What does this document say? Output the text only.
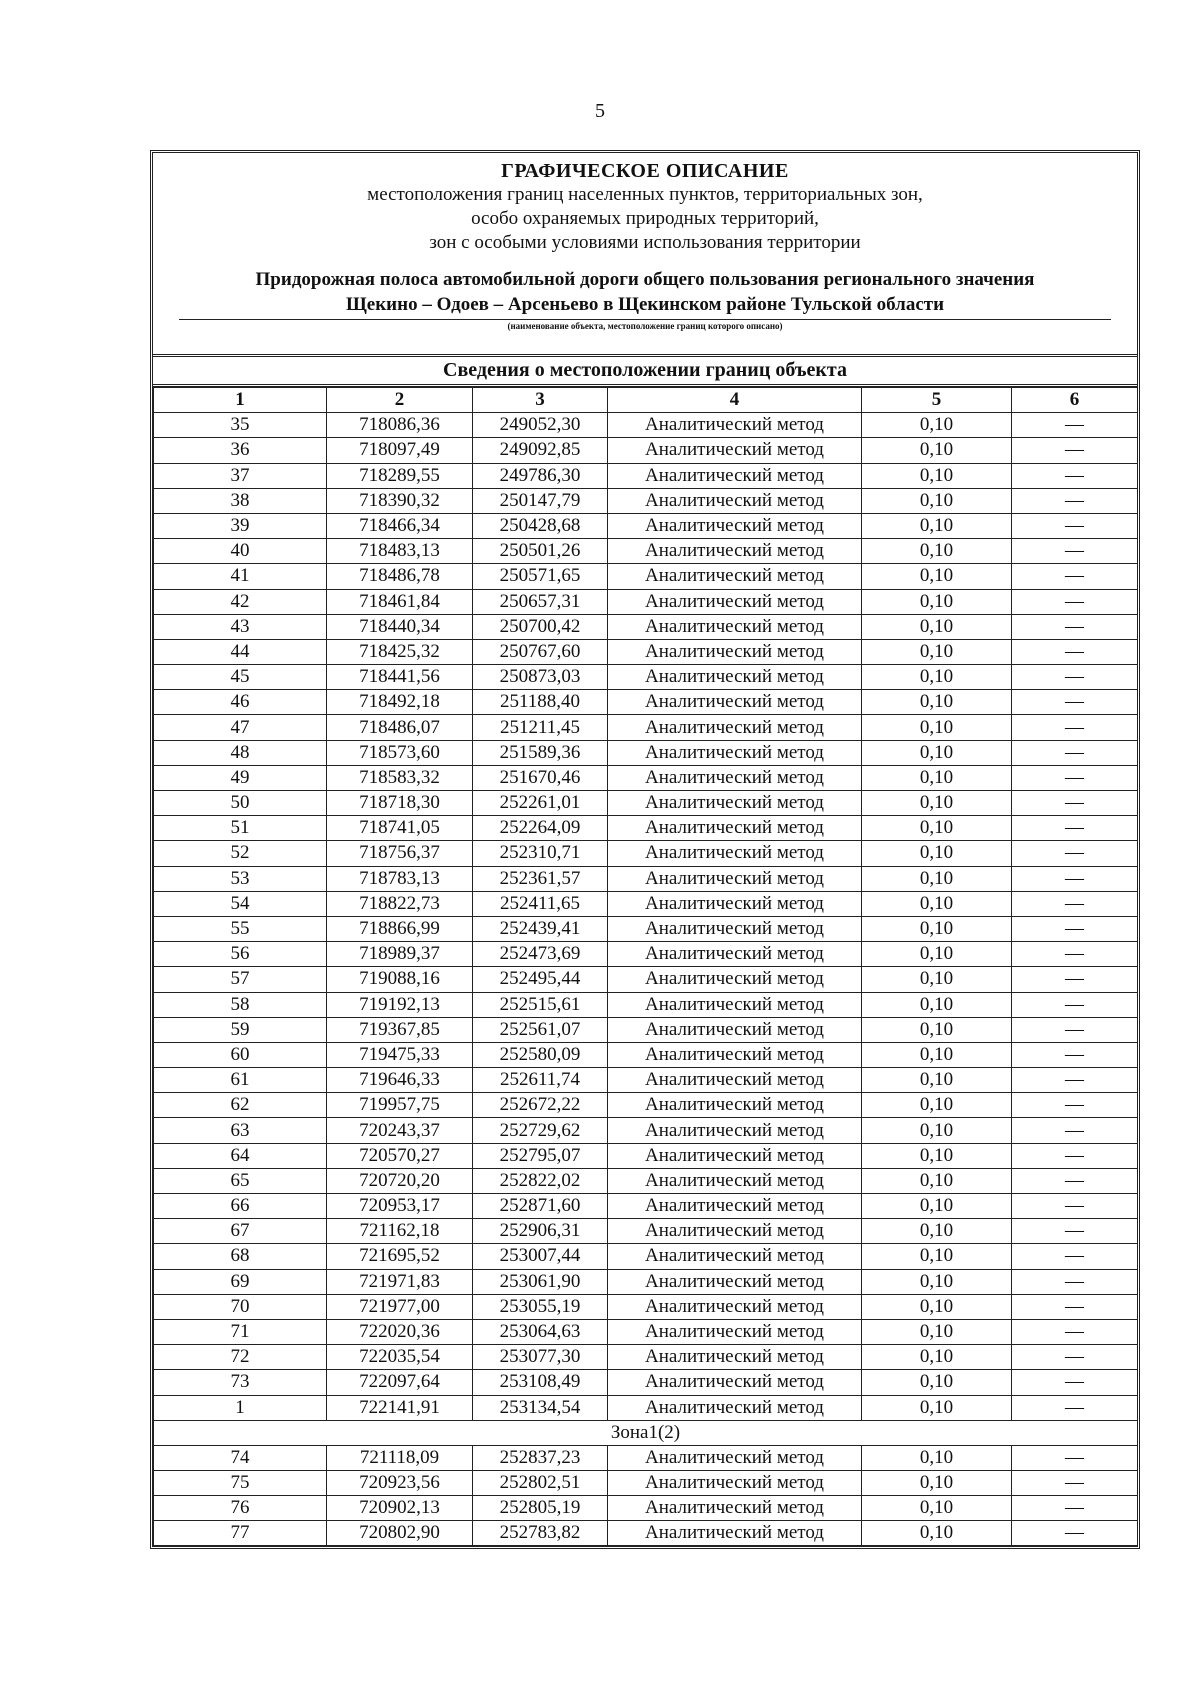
5
ГРАФИЧЕСКОЕ ОПИСАНИЕ
местоположения границ населенных пунктов, территориальных зон,
особо охраняемых природных территорий,
зон с особыми условиями использования территории
Придорожная полоса автомобильной дороги общего пользования регионального значения
Щекино – Одоев – Арсеньево в Щекинском районе Тульской области
(наименование объекта, местоположение границ которого описано)
Сведения о местоположении границ объекта
1	2	3	4	5	6
35	718086,36	249052,30	Аналитический метод	0,10	—
36	718097,49	249092,85	Аналитический метод	0,10	—
37	718289,55	249786,30	Аналитический метод	0,10	—
38	718390,32	250147,79	Аналитический метод	0,10	—
39	718466,34	250428,68	Аналитический метод	0,10	—
40	718483,13	250501,26	Аналитический метод	0,10	—
41	718486,78	250571,65	Аналитический метод	0,10	—
42	718461,84	250657,31	Аналитический метод	0,10	—
43	718440,34	250700,42	Аналитический метод	0,10	—
44	718425,32	250767,60	Аналитический метод	0,10	—
45	718441,56	250873,03	Аналитический метод	0,10	—
46	718492,18	251188,40	Аналитический метод	0,10	—
47	718486,07	251211,45	Аналитический метод	0,10	—
48	718573,60	251589,36	Аналитический метод	0,10	—
49	718583,32	251670,46	Аналитический метод	0,10	—
50	718718,30	252261,01	Аналитический метод	0,10	—
51	718741,05	252264,09	Аналитический метод	0,10	—
52	718756,37	252310,71	Аналитический метод	0,10	—
53	718783,13	252361,57	Аналитический метод	0,10	—
54	718822,73	252411,65	Аналитический метод	0,10	—
55	718866,99	252439,41	Аналитический метод	0,10	—
56	718989,37	252473,69	Аналитический метод	0,10	—
57	719088,16	252495,44	Аналитический метод	0,10	—
58	719192,13	252515,61	Аналитический метод	0,10	—
59	719367,85	252561,07	Аналитический метод	0,10	—
60	719475,33	252580,09	Аналитический метод	0,10	—
61	719646,33	252611,74	Аналитический метод	0,10	—
62	719957,75	252672,22	Аналитический метод	0,10	—
63	720243,37	252729,62	Аналитический метод	0,10	—
64	720570,27	252795,07	Аналитический метод	0,10	—
65	720720,20	252822,02	Аналитический метод	0,10	—
66	720953,17	252871,60	Аналитический метод	0,10	—
67	721162,18	252906,31	Аналитический метод	0,10	—
68	721695,52	253007,44	Аналитический метод	0,10	—
69	721971,83	253061,90	Аналитический метод	0,10	—
70	721977,00	253055,19	Аналитический метод	0,10	—
71	722020,36	253064,63	Аналитический метод	0,10	—
72	722035,54	253077,30	Аналитический метод	0,10	—
73	722097,64	253108,49	Аналитический метод	0,10	—
1	722141,91	253134,54	Аналитический метод	0,10	—
Зона1(2)					
74	721118,09	252837,23	Аналитический метод	0,10	—
75	720923,56	252802,51	Аналитический метод	0,10	—
76	720902,13	252805,19	Аналитический метод	0,10	—
77	720802,90	252783,82	Аналитический метод	0,10	—
